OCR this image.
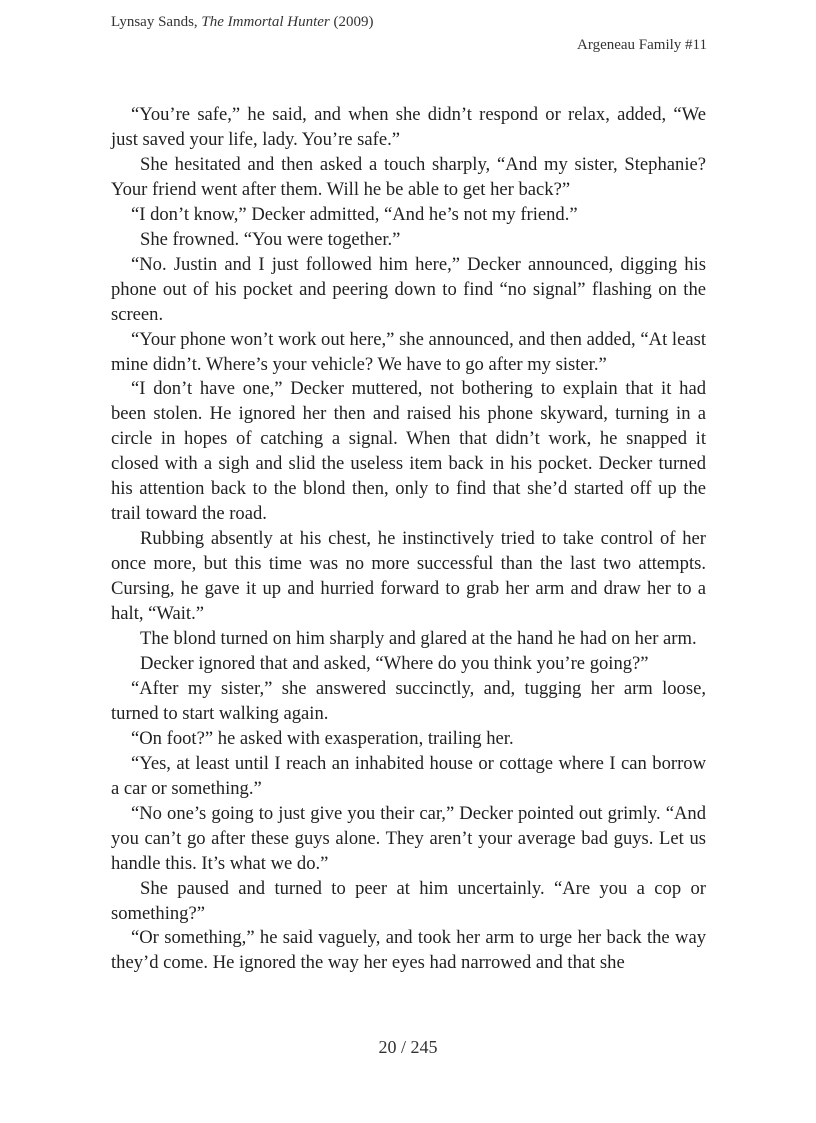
Lynsay Sands, The Immortal Hunter (2009)
Argeneau Family #11

“You’re safe,” he said, and when she didn’t respond or relax, added, “We just saved your life, lady. You’re safe.”

She hesitated and then asked a touch sharply, “And my sister, Stephanie? Your friend went after them. Will he be able to get her back?”

“I don’t know,” Decker admitted, “And he’s not my friend.”

She frowned. “You were together.”

“No. Justin and I just followed him here,” Decker announced, digging his phone out of his pocket and peering down to find “no signal” flashing on the screen.

“Your phone won’t work out here,” she announced, and then added, “At least mine didn’t. Where’s your vehicle? We have to go after my sister.”

“I don’t have one,” Decker muttered, not bothering to explain that it had been stolen. He ignored her then and raised his phone skyward, turning in a circle in hopes of catching a signal. When that didn’t work, he snapped it closed with a sigh and slid the useless item back in his pocket. Decker turned his attention back to the blond then, only to find that she’d started off up the trail toward the road.

Rubbing absently at his chest, he instinctively tried to take control of her once more, but this time was no more successful than the last two attempts. Cursing, he gave it up and hurried forward to grab her arm and draw her to a halt, “Wait.”

The blond turned on him sharply and glared at the hand he had on her arm.

Decker ignored that and asked, “Where do you think you’re going?”

“After my sister,” she answered succinctly, and, tugging her arm loose, turned to start walking again.

“On foot?” he asked with exasperation, trailing her.

“Yes, at least until I reach an inhabited house or cottage where I can borrow a car or something.”

“No one’s going to just give you their car,” Decker pointed out grimly. “And you can’t go after these guys alone. They aren’t your average bad guys. Let us handle this. It’s what we do.”

She paused and turned to peer at him uncertainly. “Are you a cop or something?”

“Or something,” he said vaguely, and took her arm to urge her back the way they’d come. He ignored the way her eyes had narrowed and that she

20 / 245
